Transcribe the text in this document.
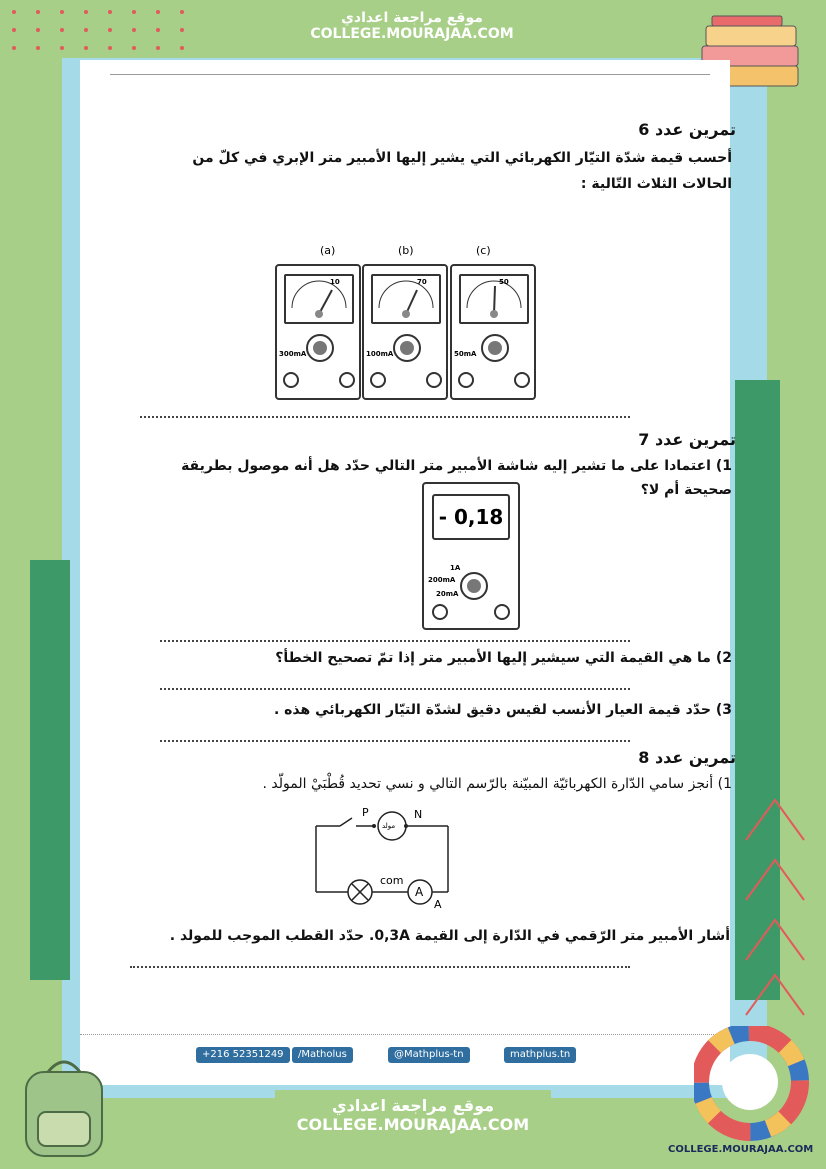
موقع مراجعة اعدادي
COLLEGE.MOURAJAA.COM
تمرين عدد 6
أحسب قيمة شدّة التيّار الكهربائي التي يشير إليها الأمبير متر الإبري في كلّ من
الحالات الثلاث التّالية :
(a)	(b)	(c)
10
300mA
70
100mA
50
50mA
تمرين عدد 7
1) اعتمادا على ما تشير إليه شاشة الأمبير متر التالي حدّد هل أنه موصول بطريقة
صحيحة أم لا؟
- 0,18
1A
200mA
20mA
2) ما هي القيمة التي سيشير إليها الأمبير متر إذا تمّ تصحيح الخطأ؟
3) حدّد قيمة العيار الأنسب لقيس دقيق لشدّة التيّار الكهربائي هذه .
تمرين عدد 8
1) أنجز سامي الدّارة الكهربائيّة المبيّنة بالرّسم التالي و نسي تحديد قُطْبَيْ المولّد .
P	N
مولد
com
A
A
أشار الأمبير متر الرّقمي في الدّارة إلى القيمة 0,3A. حدّد القطب الموجب للمولد .
+216 52351249	/Matholus	@Mathplus-tn	mathplus.tn
موقع مراجعة اعدادي
COLLEGE.MOURAJAA.COM
COLLEGE.MOURAJAA.COM
